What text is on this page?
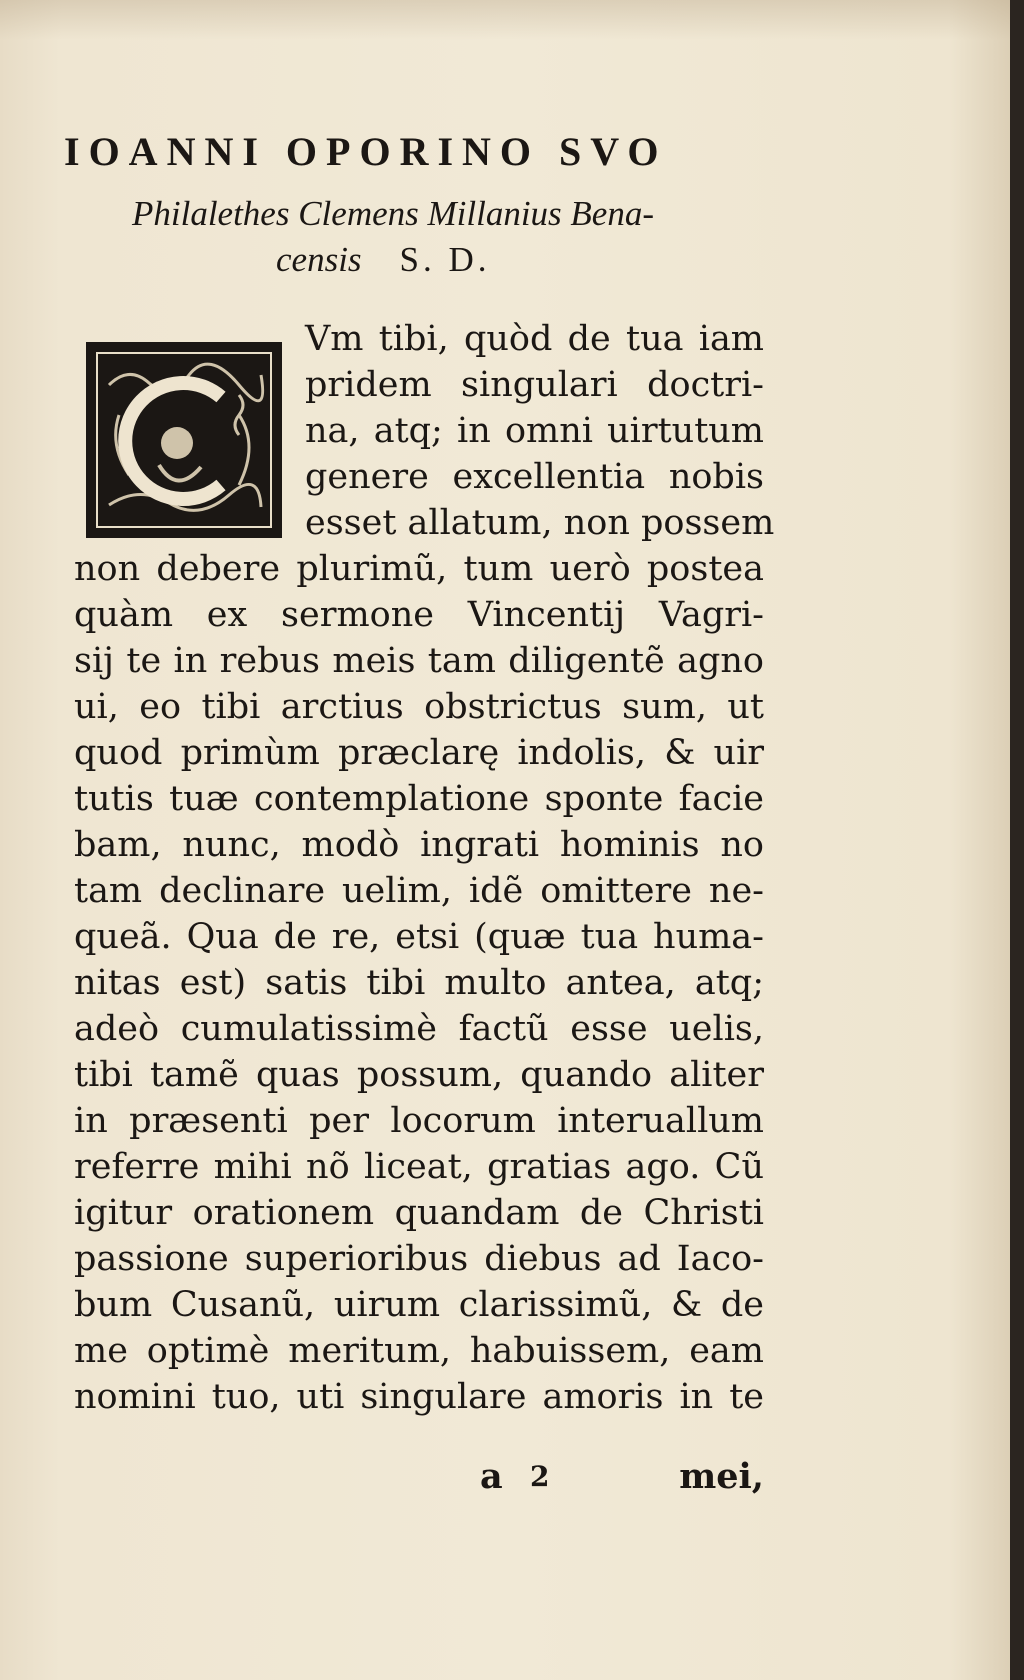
IOANNI OPORINO SVO
Philalethes Clemens Millanius Bena-
censis S. D.
Vm tibi, quòd de tua iam
pridem singulari doctri-
na, atq; in omni uirtutum
genere excellentia nobis
esset allatum, non possem
non debere plurimũ, tum uerò postea
quàm ex sermone Vincentij Vagri-
sij te in rebus meis tam diligentẽ agno
ui, eo tibi arctius obstrictus sum, ut
quod primùm præclarę indolis, & uir
tutis tuæ contemplatione sponte facie
bam, nunc, modò ingrati hominis no
tam declinare uelim, idẽ omittere ne-
queã. Qua de re, etsi (quæ tua huma-
nitas est) satis tibi multo antea, atq;
adeò cumulatissimè factũ esse uelis,
tibi tamẽ quas possum, quando aliter
in præsenti per locorum interuallum
referre mihi nõ liceat, gratias ago. Cũ
igitur orationem quandam de Christi
passione superioribus diebus ad Iaco-
bum Cusanũ, uirum clarissimũ, & de
me optimè meritum, habuissem, eam
nomini tuo, uti singulare amoris in te
a 2	mei,
